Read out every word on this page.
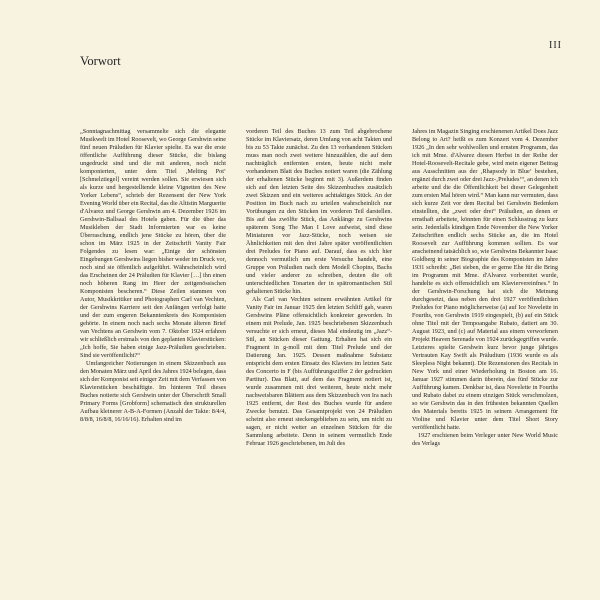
III
Vorwort

„Sonntagnachmittag versammelte sich die elegante Musikwelt im Hotel Roosevelt, wo George Gershwin seine fünf neuen Präludien für Klavier spielte. Es war die erste öffentliche Aufführung dieser Stücke, die bislang ungedruckt sind und die mit anderen, noch nicht komponierten, unter dem Titel ‚Melting Pot‘ [Schmelztiegel] vereint werden sollen. Sie erwiesen sich als kurze und hergestelltende kleine Vignetten des New Yorker Lebens“, schrieb der Rezensent der New York Evening World über ein Recital, das die Altistin Marguerite d'Alvarez und George Gershwin am 4. Dezember 1926 im Gershwin-Ballsaal des Hotels gaben. Für die über das Musikleben der Stadt Informierten war es keine Überraschung, endlich jene Stücke zu hören, über die schon im März 1925 in der Zeitschrift Vanity Fair Folgendes zu lesen war: „Einige der schönsten Eingebungen Gershwins liegen bisher weder im Druck vor, noch sind sie öffentlich aufgeführt. Währscheinlich wird das Erscheinen der 24 Präludien für Klavier […] ihn einen noch höheren Rang im Heer der zeitgenössischen Komponisten bescheren.“ Diese Zeilen stammen von Autor, Musikkritiker und Photographen Carl van Vechten, der Gershwins Karriere seit den Anfängen verfolgt hatte und der zum engeren Bekanntenkreis des Komponisten gehörte. In einem noch nach sechs Monate älteren Brief van Vechtens an Gershwin vom 7. Oktober 1924 erfahren wir schließlich erstmals von den geplanten Klavierstücken: „Ich hoffe, Sie haben einige Jazz-Präludien geschrieben. Sind sie veröffentlicht?“

Umfangreicher Notierungen in einem Skizzenbuch aus den Monaten März und April des Jahres 1924 belegen, dass sich der Komponist seit einiger Zeit mit dem Verfassen von Klavierstücken beschäftigte. Im hinteren Teil dieses Buches notierte sich Gershwin unter der Überschrift Small Primary Forms [Grobform] schematisch den strukturellen Aufbau kleinerer A-B-A-Formen (Anzahl der Takte: 8/4/4, 8/8/8, 16/8/8, 16/16/16). Erhalten sind im

vorderen Teil des Buches 13 zum Teil abgebrochene Stücke im Klaviersatz, deren Umfang von acht Takten und bis zu 53 Takte zunächst. Zu den 13 vorhandenen Stücken muss man noch zwei weitere hinzuzählen, die auf dem nachträglich entfernten ersten, heute nicht mehr vorhandenen Blatt des Buches notiert waren (die Zählung der erhaltenen Stücke beginnt mit 3). Außerdem finden sich auf den letzten Seite des Skizzenbuches zusätzlich zwei Skizzen und ein weiteres achttaktiges Stück. An der Position im Buch nach zu urteilen wahrscheinlich nur Vorübungen zu den Stücken im vorderen Teil darstellen. Bis auf das zwölfte Stück, das Anklänge zu Gershwins späterem Song The Man I Love aufweist, sind diese Miniaturen vor Jazz-Stücke, noch weisen sie Ähnlichkeiten mit den drei Jahre später veröffentlichten drei Preludes for Piano auf. Darauf, dass es sich hier dennoch vermutlich um erste Versuche handelt, eine Gruppe von Präludien nach dem Modell Chopins, Bachs und vieler anderer zu schreiben, deuten die oft unterschiedlichen Tonarten der in spätromantischen Stil gehaltenen Stücke hin.

Als Carl van Vechten seinem erwähnten Artikel für Vanity Fair im Januar 1925 den letzten Schliff gab, waren Gershwins Pläne offensichtlich konkreter geworden. In einem mit Prelude, Jan. 1925 beschriebenen Skizzenbuch versuchte er sich erneut, dieses Mal eindeutig im „Jazz“-Stil, an Stücken dieser Gattung. Erhalten hat sich ein Fragment in g-moll mit dem Titel Prelude und der Datierung Jan. 1925. Dessen maßnahme Substanz entspricht dem ersten Einsatz des Klaviers im letzten Satz des Concerto in F (bis Aufführungsziffer 2 der gedruckten Partitur). Das Blatt, auf dem das Fragment notiert ist, wurde zusammen mit drei weiteren, heute nicht mehr nachweisbaren Blättern aus dem Skizzenbuch von Ira nach 1925 entfernt, der Rest des Buches wurde für andere Zwecke benutzt. Das Gesamtprojekt von 24 Präludien scheint also erneut steckengeblieben zu sein, um nicht zu sagen, er nicht weiter an einzelnen Stücken für die Sammlung arbeitete. Denn in seinem vermutlich Ende Februar 1926 geschriebenen, im Juli des

Jahres im Magazin Singing erschienenen Artikel Does Jazz Belong to Art? heißt es zum Konzert vom 4. Dezember 1926 „In den sehr wohlwollen und ernsten Programm, das ich mit Mme. d'Alvarez diesen Herbst in der Reihe der Hotel-Roosevelt-Recitale gebe, wird mein eigener Beitrag aus Ausschnitten aus der ‚Rhapsody in Blue‘ bestehen, ergänzt durch zwei oder drei Jazz-‚Preludes‘“, an denen ich arbeite und die die Öffentlichkeit bei dieser Gelegenheit zum ersten Mal hören wird.“ Man kann nur vermuten, dass sich kurze Zeit vor dem Recital bei Gershwin Bedenken einstellten, die „zwei oder drei“ Präludien, an denen er ernsthaft arbeitete, könnten für einen Schlusstrag zu kurz sein. Jedenfalls kündigen Ende November die New Yorker Zeitschriften endlich sechs Stücke an, die im Hotel Roosevelt zur Aufführung kommen sollten. Es war anscheinend tatsächlich so, wie Gershwins Bekannter Isaac Goldberg in seiner Biographie des Komponisten im Jahre 1931 schreibt: „Bei sieben, die er gerne Ehe für die Bring im Programm mit Mme. d'Alvarez vorbereitet wurde, handelte es sich offensichtlich um Klaviervereinfnes.“ In der Gershwin-Forschung hat sich die Meinung durchgesetzt, dass neben den drei 1927 veröffentlichten Preludes for Piano möglicherweise (a) auf Ice Novelette in Fourths, von Gershwin 1919 eingespielt, (b) auf ein Stück ohne Titel mit der Tempoangabe Rubato, datiert am 30. August 1923, und (c) auf Material aus einem verworfenen Projekt Heaven Serenade von 1924 zurückgegriffen wurde. Letzteres spielte Gershwin kurz bevor junge jähriges Vertrauten Kay Swift als Präludium (1936 wurde es als Sleepless Night bekannt). Die Rezensionen des Recitals in New York und einer Wiederholung in Boston am 16. Januar 1927 stimmen darin überein, das fünf Stücke zur Aufführung kamen. Denkbar ist, dass Novelette in Fourths und Rubato dabei zu einem einzigen Stück verschmolzen, so wie Gershwin das in den frühesten bekannten Quellen des Materials bereits 1925 in seinem Arrangement für Violine und Klavier unter dem Titel Short Story veröffentlicht hatte.

1927 erschienen beim Verleger unter New World Music des Verlags
